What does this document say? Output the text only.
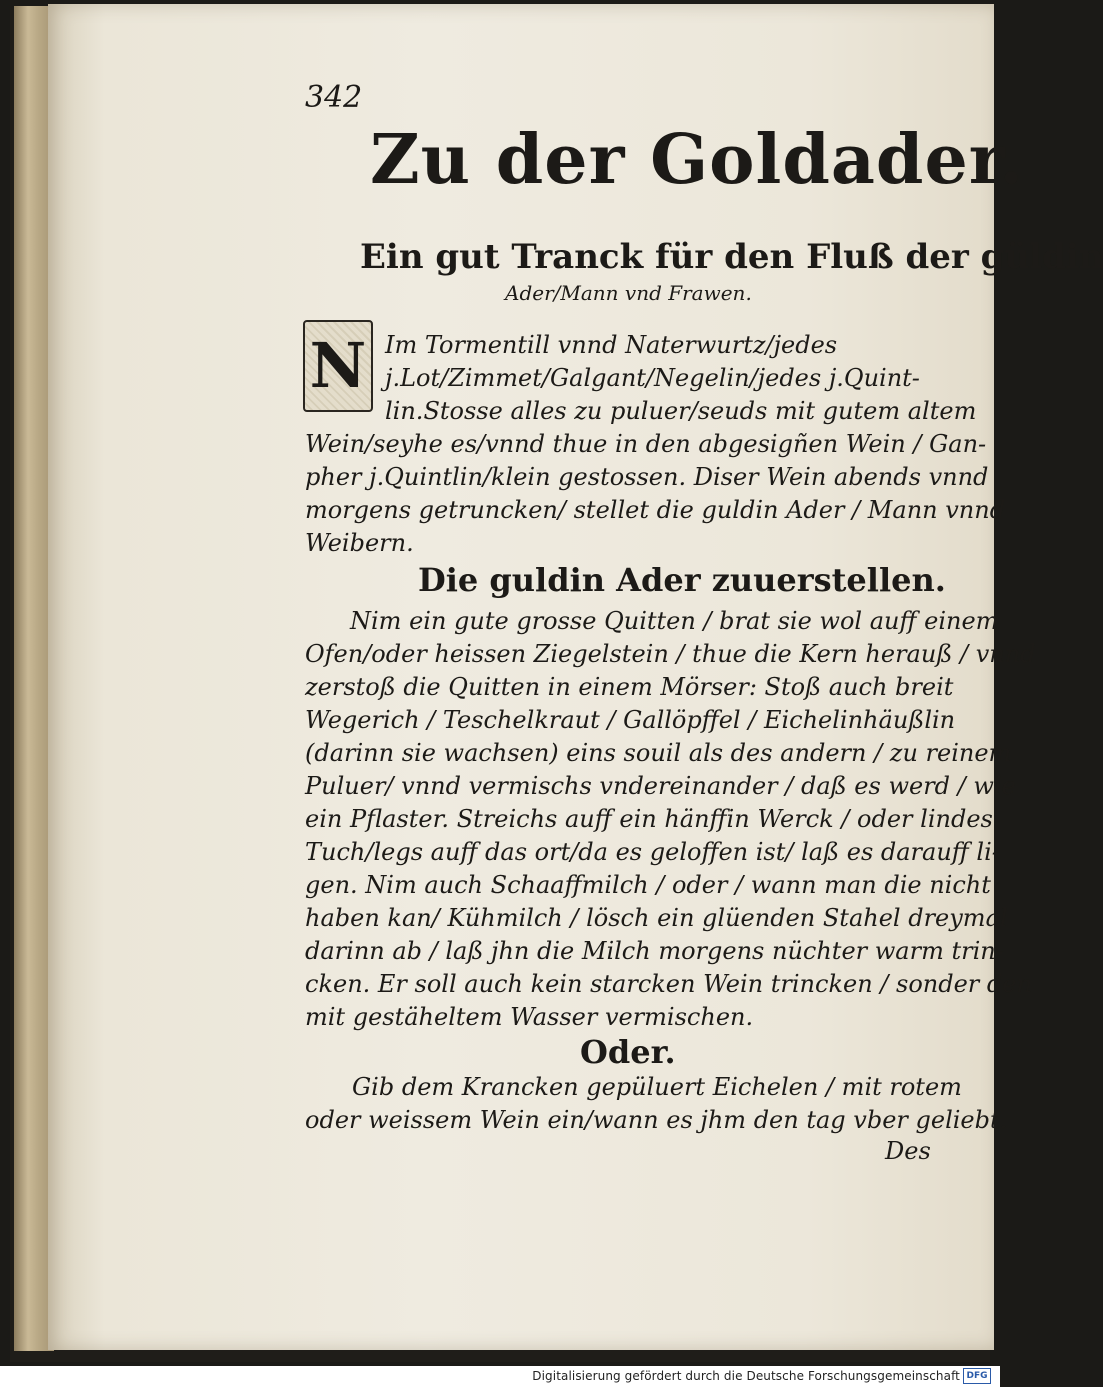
342
Zu der Goldader.
Ein gut Tranck für den Fluß der güldin
Ader/Mann vnd Frawen.
N Im Tormentill vnnd Naterwurtz/jedes
j.Lot/Zimmet/Galgant/Negelin/jedes j.Quint-
lin.Stosse alles zu puluer/seuds mit gutem altem
Wein/seyhe es/vnnd thue in den abgesigñen Wein / Gan-
pher j.Quintlin/klein gestossen. Diser Wein abends vnnd
morgens getruncken/ stellet die guldin Ader / Mann vnnd
Weibern.
Die guldin Ader zuuerstellen.
Nim ein gute grosse Quitten / brat sie wol auff einem
Ofen/oder heissen Ziegelstein / thue die Kern herauß / vnnd
zerstoß die Quitten in einem Mörser: Stoß auch breit
Wegerich / Teschelkraut / Gallöpffel / Eichelinhäußlin
(darinn sie wachsen) eins souil als des andern / zu reinem
Puluer/ vnnd vermischs vndereinander / daß es werd / wie
ein Pflaster. Streichs auff ein hänffin Werck / oder lindes
Tuch/legs auff das ort/da es geloffen ist/ laß es darauff li-
gen. Nim auch Schaaffmilch / oder / wann man die nicht
haben kan/ Kühmilch / lösch ein glüenden Stahel dreymal
darinn ab / laß jhn die Milch morgens nüchter warm trin-
cken. Er soll auch kein starcken Wein trincken / sonder den
mit gestäheltem Wasser vermischen.
Oder.
Gib dem Krancken gepüluert Eichelen / mit rotem
oder weissem Wein ein/wann es jhm den tag vber geliebt.
Des
Digitalisierung gefördert durch die Deutsche Forschungsgemeinschaft DFG
